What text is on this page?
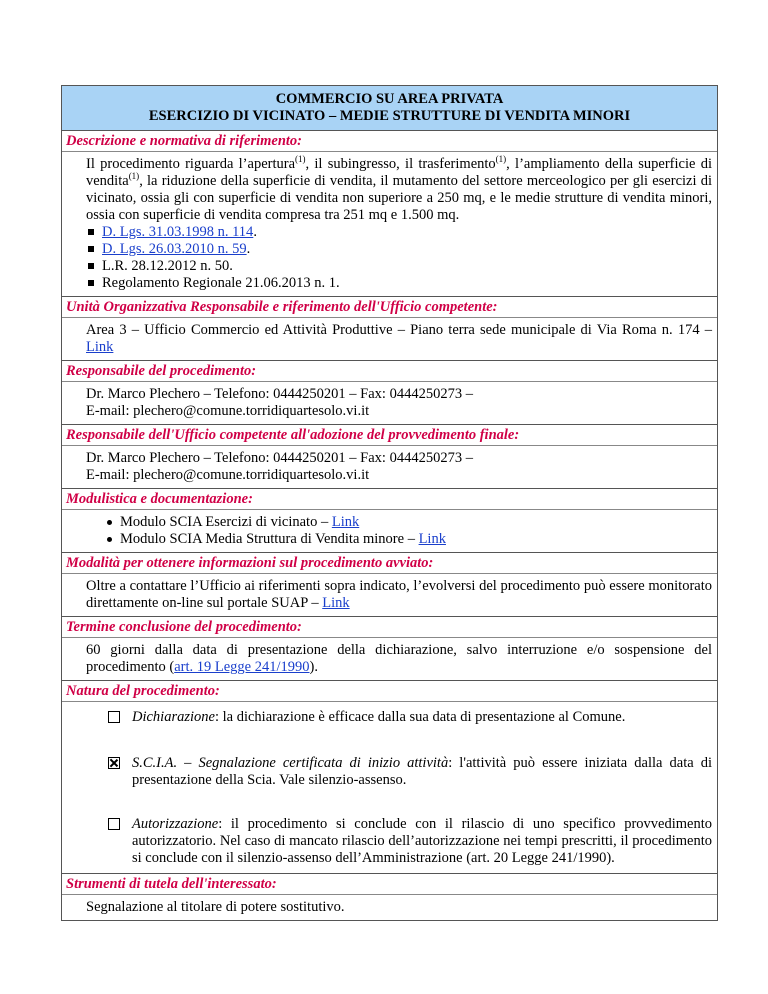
COMMERCIO SU AREA PRIVATA
ESERCIZIO DI VICINATO – MEDIE STRUTTURE DI VENDITA MINORI
Descrizione e normativa di riferimento:
Il procedimento riguarda l’apertura$^{(1)}$, il subingresso, il trasferimento$^{(1)}$, l’ampliamento della superficie di vendita$^{(1)}$, la riduzione della superficie di vendita, il mutamento del settore merceologico per gli esercizi di vicinato, ossia gli con superficie di vendita non superiore a 250 mq, e le medie strutture di vendita minori, ossia con superficie di vendita compresa tra 251 mq e 1.500 mq.
D. Lgs. 31.03.1998 n. 114.
D. Lgs. 26.03.2010 n. 59.
L.R. 28.12.2012 n. 50.
Regolamento Regionale 21.06.2013 n. 1.
Unità Organizzativa Responsabile e riferimento dell'Ufficio competente:
Area 3 – Ufficio Commercio ed Attività Produttive – Piano terra sede municipale di Via Roma n. 174 – Link
Responsabile del procedimento:
Dr. Marco Plechero – Telefono: 0444250201 – Fax: 0444250273 –
E-mail: plechero@comune.torridiquartesolo.vi.it
Responsabile dell'Ufficio competente all'adozione del provvedimento finale:
Dr. Marco Plechero – Telefono: 0444250201 – Fax: 0444250273 –
E-mail: plechero@comune.torridiquartesolo.vi.it
Modulistica e documentazione:
Modulo SCIA Esercizi di vicinato – Link
Modulo SCIA Media Struttura di Vendita minore – Link
Modalità per ottenere informazioni sul procedimento avviato:
Oltre a contattare l’Ufficio ai riferimenti sopra indicato, l’evolversi del procedimento può essere monitorato direttamente on-line sul portale SUAP – Link
Termine conclusione del procedimento:
60 giorni dalla data di presentazione della dichiarazione, salvo interruzione e/o sospensione del procedimento (art. 19 Legge 241/1990).
Natura del procedimento:
Dichiarazione: la dichiarazione è efficace dalla sua data di presentazione al Comune.
S.C.I.A. – Segnalazione certificata di inizio attività: l'attività può essere iniziata dalla data di presentazione della Scia. Vale silenzio-assenso.
Autorizzazione: il procedimento si conclude con il rilascio di uno specifico provvedimento autorizzatorio. Nel caso di mancato rilascio dell’autorizzazione nei tempi prescritti, il procedimento si conclude con il silenzio-assenso dell’Amministrazione (art. 20 Legge 241/1990).
Strumenti di tutela dell'interessato:
Segnalazione al titolare di potere sostitutivo.
